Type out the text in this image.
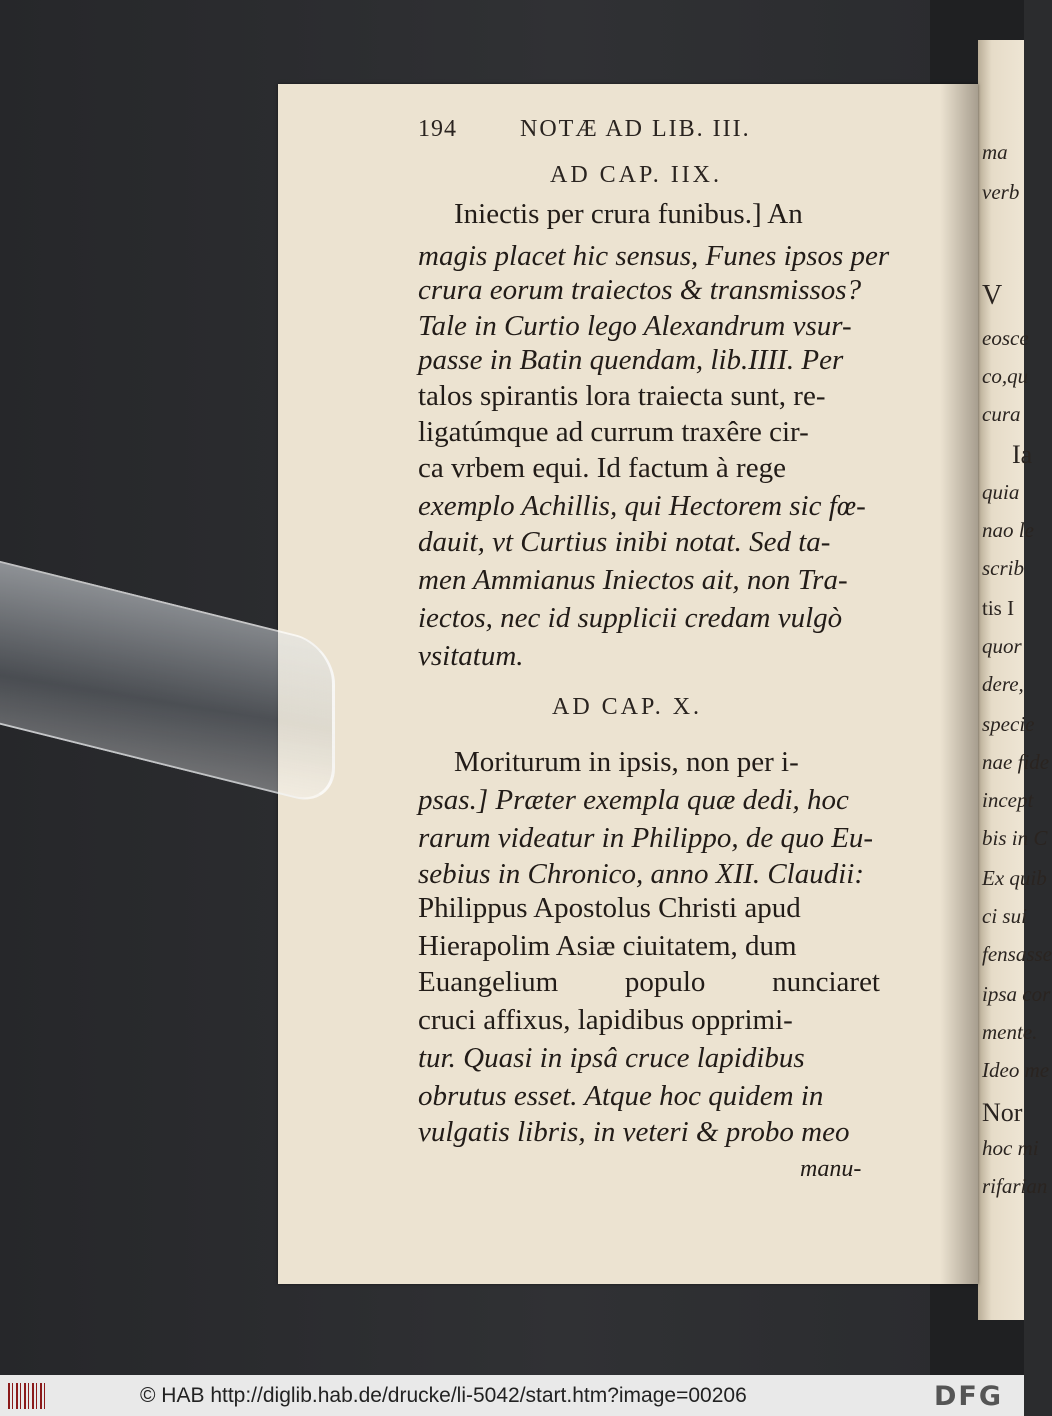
ma
verb
V
eosce
co,qu
cura
Ia
quia
nao le
scrib
tis I
quor
dere,
specie
nae fide
incept
bis in C
Ex quib
ci sui
fensasse
ipsa cor
mente.
Ideo me
Nor
hoc mi
rifarian
194	NOTÆ AD LIB. III.
AD CAP. IIX.
Iniectis per crura funibus.] An
magis placet hic sensus, Funes ipsos per
crura eorum traiectos & transmissos?
Tale in Curtio lego Alexandrum vsur-
passe in Batin quendam, lib.IIII. Per
talos spirantis lora traiecta sunt, re-
ligatúmque ad currum traxêre cir-
ca vrbem equi. Id factum à rege
exemplo Achillis, qui Hectorem sic fœ-
dauit, vt Curtius inibi notat. Sed ta-
men Ammianus Iniectos ait, non Tra-
iectos, nec id supplicii credam vulgò
vsitatum.
AD CAP. X.
Moriturum in ipsis, non per i-
psas.] Præter exempla quæ dedi, hoc
rarum videatur in Philippo, de quo Eu-
sebius in Chronico, anno XII. Claudii:
Philippus Apostolus Christi apud
Hierapolim Asiæ ciuitatem, dum
Euangelium populo nunciaret
cruci affixus, lapidibus opprimi-
tur. Quasi in ipsâ cruce lapidibus
obrutus esset. Atque hoc quidem in
vulgatis libris, in veteri & probo meo
manu-
© HAB http://diglib.hab.de/drucke/li-5042/start.htm?image=00206	DFG
